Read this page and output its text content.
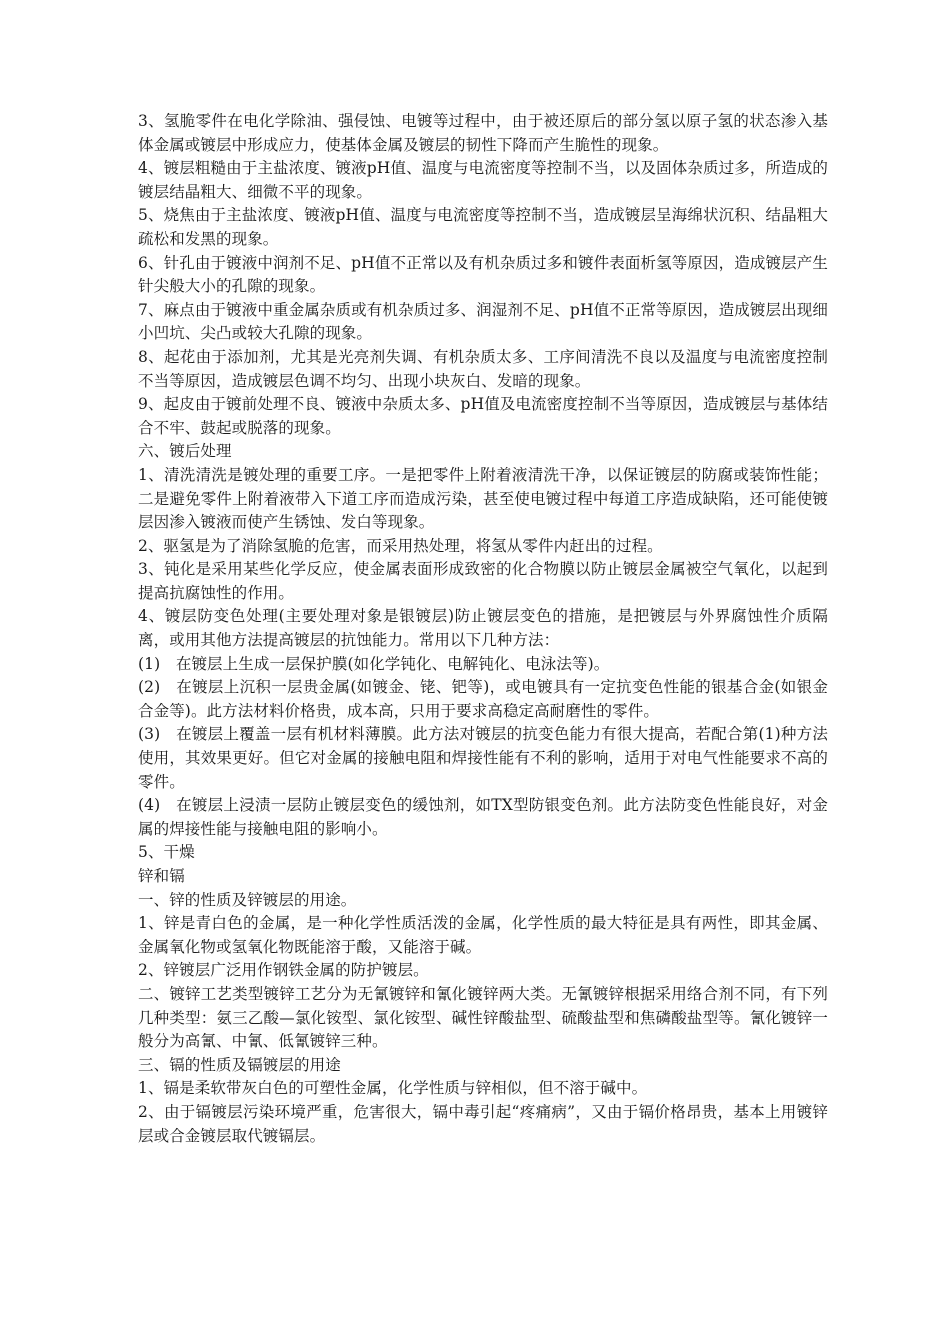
3、氢脆零件在电化学除油、强侵蚀、电镀等过程中，由于被还原后的部分氢以原子氢的状态渗入基体金属或镀层中形成应力，使基体金属及镀层的韧性下降而产生脆性的现象。

4、镀层粗糙由于主盐浓度、镀液pH值、温度与电流密度等控制不当，以及固体杂质过多，所造成的镀层结晶粗大、细微不平的现象。

5、烧焦由于主盐浓度、镀液pH值、温度与电流密度等控制不当，造成镀层呈海绵状沉积、结晶粗大疏松和发黑的现象。

6、针孔由于镀液中润剂不足、pH值不正常以及有机杂质过多和镀件表面析氢等原因，造成镀层产生针尖般大小的孔隙的现象。

7、麻点由于镀液中重金属杂质或有机杂质过多、润湿剂不足、pH值不正常等原因，造成镀层出现细小凹坑、尖凸或较大孔隙的现象。

8、起花由于添加剂，尤其是光亮剂失调、有机杂质太多、工序间清洗不良以及温度与电流密度控制不当等原因，造成镀层色调不均匀、出现小块灰白、发暗的现象。

9、起皮由于镀前处理不良、镀液中杂质太多、pH值及电流密度控制不当等原因，造成镀层与基体结合不牢、鼓起或脱落的现象。

六、镀后处理

1、清洗清洗是镀处理的重要工序。一是把零件上附着液清洗干净，以保证镀层的防腐或装饰性能；二是避免零件上附着液带入下道工序而造成污染，甚至使电镀过程中每道工序造成缺陷，还可能使镀层因渗入镀液而使产生锈蚀、发白等现象。

2、驱氢是为了消除氢脆的危害，而采用热处理，将氢从零件内赶出的过程。

3、钝化是采用某些化学反应，使金属表面形成致密的化合物膜以防止镀层金属被空气氧化，以起到提高抗腐蚀性的作用。

4、镀层防变色处理(主要处理对象是银镀层)防止镀层变色的措施，是把镀层与外界腐蚀性介质隔离，或用其他方法提高镀层的抗蚀能力。常用以下几种方法：

(1)　在镀层上生成一层保护膜(如化学钝化、电解钝化、电泳法等)。

(2)　在镀层上沉积一层贵金属(如镀金、铑、钯等)，或电镀具有一定抗变色性能的银基合金(如银金合金等)。此方法材料价格贵，成本高，只用于要求高稳定高耐磨性的零件。

(3)　在镀层上覆盖一层有机材料薄膜。此方法对镀层的抗变色能力有很大提高，若配合第(1)种方法使用，其效果更好。但它对金属的接触电阻和焊接性能有不利的影响，适用于对电气性能要求不高的零件。

(4)　在镀层上浸渍一层防止镀层变色的缓蚀剂，如TX型防银变色剂。此方法防变色性能良好，对金属的焊接性能与接触电阻的影响小。

5、干燥

锌和镉

一、锌的性质及锌镀层的用途。

1、锌是青白色的金属，是一种化学性质活泼的金属，化学性质的最大特征是具有两性，即其金属、金属氧化物或氢氧化物既能溶于酸，又能溶于碱。

2、锌镀层广泛用作钢铁金属的防护镀层。

二、镀锌工艺类型镀锌工艺分为无氰镀锌和氰化镀锌两大类。无氰镀锌根据采用络合剂不同，有下列几种类型：氨三乙酸—氯化铵型、氯化铵型、碱性锌酸盐型、硫酸盐型和焦磷酸盐型等。氰化镀锌一般分为高氰、中氰、低氰镀锌三种。

三、镉的性质及镉镀层的用途

1、镉是柔软带灰白色的可塑性金属，化学性质与锌相似，但不溶于碱中。

2、由于镉镀层污染环境严重，危害很大，镉中毒引起“疼痛病”，又由于镉价格昂贵，基本上用镀锌层或合金镀层取代镀镉层。
